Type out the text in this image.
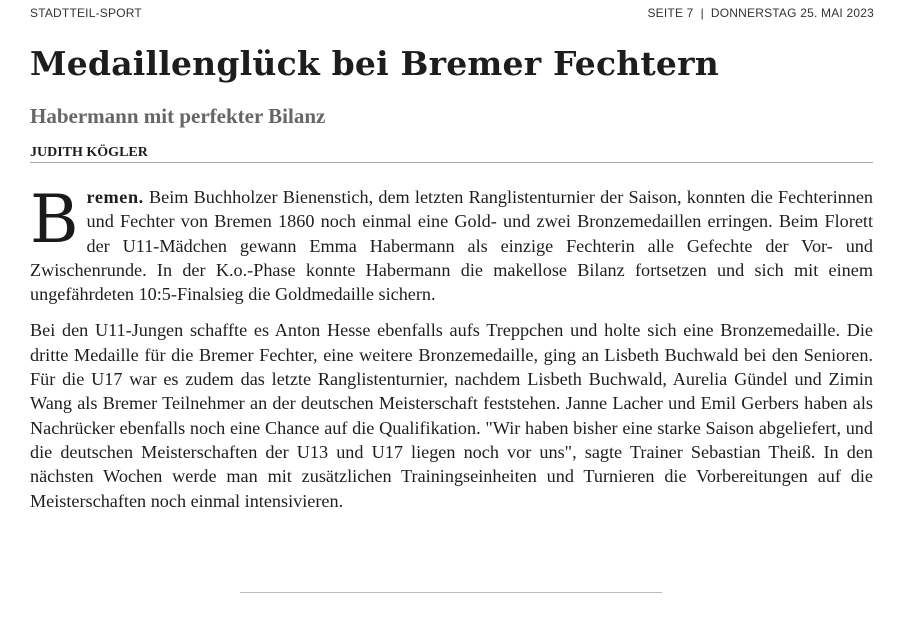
STADTTEIL-SPORT	SEITE 7 | DONNERSTAG 25. MAI 2023
Medaillenglück bei Bremer Fechtern
Habermann mit perfekter Bilanz
JUDITH KÖGLER

Bremen. Beim Buchholzer Bienenstich, dem letzten Ranglistenturnier der Saison, konnten die Fechterinnen und Fechter von Bremen 1860 noch einmal eine Gold- und zwei Bronzemedaillen erringen. Beim Florett der U11-Mädchen gewann Emma Habermann als einzige Fechterin alle Gefechte der Vor- und Zwischenrunde. In der K.o.-Phase konnte Habermann die makellose Bilanz fortsetzen und sich mit einem ungefährdeten 10:5-Finalsieg die Goldmedaille sichern.

Bei den U11-Jungen schaffte es Anton Hesse ebenfalls aufs Treppchen und holte sich eine Bronzemedaille. Die dritte Medaille für die Bremer Fechter, eine weitere Bronzemedaille, ging an Lisbeth Buchwald bei den Senioren. Für die U17 war es zudem das letzte Ranglistenturnier, nachdem Lisbeth Buchwald, Aurelia Gündel und Zimin Wang als Bremer Teilnehmer an der deutschen Meisterschaft feststehen. Janne Lacher und Emil Gerbers haben als Nachrücker ebenfalls noch eine Chance auf die Qualifikation. "Wir haben bisher eine starke Saison abgeliefert, und die deutschen Meisterschaften der U13 und U17 liegen noch vor uns", sagte Trainer Sebastian Theiß. In den nächsten Wochen werde man mit zusätzlichen Trainingseinheiten und Turnieren die Vorbereitungen auf die Meisterschaften noch einmal intensivieren.
